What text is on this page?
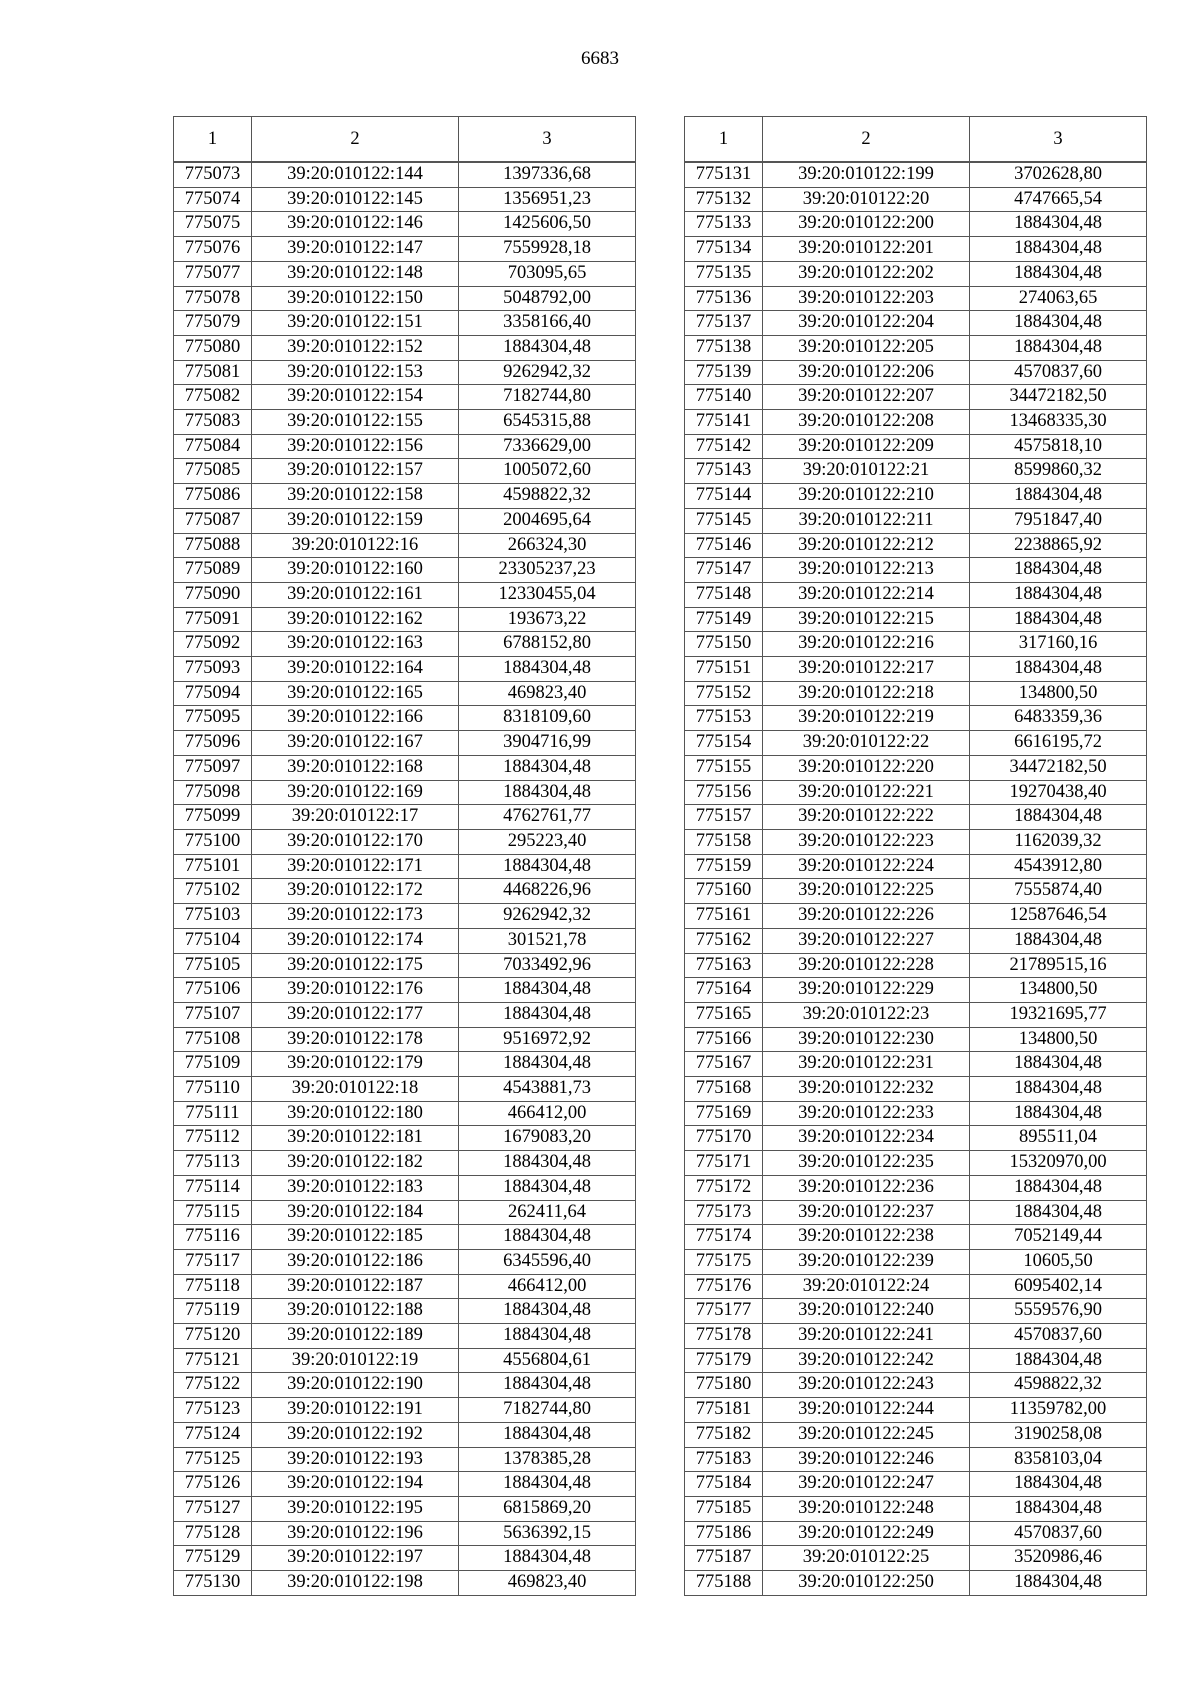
6683
1	2	3
775073	39:20:010122:144	1397336,68
775074	39:20:010122:145	1356951,23
775075	39:20:010122:146	1425606,50
775076	39:20:010122:147	7559928,18
775077	39:20:010122:148	703095,65
775078	39:20:010122:150	5048792,00
775079	39:20:010122:151	3358166,40
775080	39:20:010122:152	1884304,48
775081	39:20:010122:153	9262942,32
775082	39:20:010122:154	7182744,80
775083	39:20:010122:155	6545315,88
775084	39:20:010122:156	7336629,00
775085	39:20:010122:157	1005072,60
775086	39:20:010122:158	4598822,32
775087	39:20:010122:159	2004695,64
775088	39:20:010122:16	266324,30
775089	39:20:010122:160	23305237,23
775090	39:20:010122:161	12330455,04
775091	39:20:010122:162	193673,22
775092	39:20:010122:163	6788152,80
775093	39:20:010122:164	1884304,48
775094	39:20:010122:165	469823,40
775095	39:20:010122:166	8318109,60
775096	39:20:010122:167	3904716,99
775097	39:20:010122:168	1884304,48
775098	39:20:010122:169	1884304,48
775099	39:20:010122:17	4762761,77
775100	39:20:010122:170	295223,40
775101	39:20:010122:171	1884304,48
775102	39:20:010122:172	4468226,96
775103	39:20:010122:173	9262942,32
775104	39:20:010122:174	301521,78
775105	39:20:010122:175	7033492,96
775106	39:20:010122:176	1884304,48
775107	39:20:010122:177	1884304,48
775108	39:20:010122:178	9516972,92
775109	39:20:010122:179	1884304,48
775110	39:20:010122:18	4543881,73
775111	39:20:010122:180	466412,00
775112	39:20:010122:181	1679083,20
775113	39:20:010122:182	1884304,48
775114	39:20:010122:183	1884304,48
775115	39:20:010122:184	262411,64
775116	39:20:010122:185	1884304,48
775117	39:20:010122:186	6345596,40
775118	39:20:010122:187	466412,00
775119	39:20:010122:188	1884304,48
775120	39:20:010122:189	1884304,48
775121	39:20:010122:19	4556804,61
775122	39:20:010122:190	1884304,48
775123	39:20:010122:191	7182744,80
775124	39:20:010122:192	1884304,48
775125	39:20:010122:193	1378385,28
775126	39:20:010122:194	1884304,48
775127	39:20:010122:195	6815869,20
775128	39:20:010122:196	5636392,15
775129	39:20:010122:197	1884304,48
775130	39:20:010122:198	469823,40
1	2	3
775131	39:20:010122:199	3702628,80
775132	39:20:010122:20	4747665,54
775133	39:20:010122:200	1884304,48
775134	39:20:010122:201	1884304,48
775135	39:20:010122:202	1884304,48
775136	39:20:010122:203	274063,65
775137	39:20:010122:204	1884304,48
775138	39:20:010122:205	1884304,48
775139	39:20:010122:206	4570837,60
775140	39:20:010122:207	34472182,50
775141	39:20:010122:208	13468335,30
775142	39:20:010122:209	4575818,10
775143	39:20:010122:21	8599860,32
775144	39:20:010122:210	1884304,48
775145	39:20:010122:211	7951847,40
775146	39:20:010122:212	2238865,92
775147	39:20:010122:213	1884304,48
775148	39:20:010122:214	1884304,48
775149	39:20:010122:215	1884304,48
775150	39:20:010122:216	317160,16
775151	39:20:010122:217	1884304,48
775152	39:20:010122:218	134800,50
775153	39:20:010122:219	6483359,36
775154	39:20:010122:22	6616195,72
775155	39:20:010122:220	34472182,50
775156	39:20:010122:221	19270438,40
775157	39:20:010122:222	1884304,48
775158	39:20:010122:223	1162039,32
775159	39:20:010122:224	4543912,80
775160	39:20:010122:225	7555874,40
775161	39:20:010122:226	12587646,54
775162	39:20:010122:227	1884304,48
775163	39:20:010122:228	21789515,16
775164	39:20:010122:229	134800,50
775165	39:20:010122:23	19321695,77
775166	39:20:010122:230	134800,50
775167	39:20:010122:231	1884304,48
775168	39:20:010122:232	1884304,48
775169	39:20:010122:233	1884304,48
775170	39:20:010122:234	895511,04
775171	39:20:010122:235	15320970,00
775172	39:20:010122:236	1884304,48
775173	39:20:010122:237	1884304,48
775174	39:20:010122:238	7052149,44
775175	39:20:010122:239	10605,50
775176	39:20:010122:24	6095402,14
775177	39:20:010122:240	5559576,90
775178	39:20:010122:241	4570837,60
775179	39:20:010122:242	1884304,48
775180	39:20:010122:243	4598822,32
775181	39:20:010122:244	11359782,00
775182	39:20:010122:245	3190258,08
775183	39:20:010122:246	8358103,04
775184	39:20:010122:247	1884304,48
775185	39:20:010122:248	1884304,48
775186	39:20:010122:249	4570837,60
775187	39:20:010122:25	3520986,46
775188	39:20:010122:250	1884304,48
